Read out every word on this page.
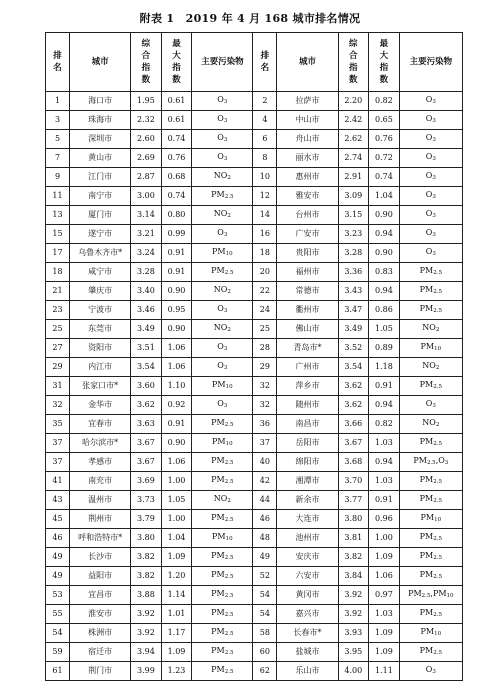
附表 1　2019 年 4 月 168 城市排名情况
排名	城市	综合指数	最大指数	主要污染物	排名	城市	综合指数	最大指数	主要污染物
1	海口市	1.95	0.61	$O_3$	2	拉萨市	2.20	0.82	$O_3$
3	珠海市	2.32	0.61	$O_3$	4	中山市	2.42	0.65	$O_3$
5	深圳市	2.60	0.74	$O_3$	6	舟山市	2.62	0.76	$O_3$
7	黄山市	2.69	0.76	$O_3$	8	丽水市	2.74	0.72	$O_3$
9	江门市	2.87	0.68	$NO_2$	10	惠州市	2.91	0.74	$O_3$
11	南宁市	3.00	0.74	$PM_{2.5}$	12	雅安市	3.09	1.04	$O_3$
13	厦门市	3.14	0.80	$NO_2$	14	台州市	3.15	0.90	$O_3$
15	遂宁市	3.21	0.99	$O_3$	16	广安市	3.23	0.94	$O_3$
17	乌鲁木齐市*	3.24	0.91	$PM_{10}$	18	贵阳市	3.28	0.90	$O_3$
18	咸宁市	3.28	0.91	$PM_{2.5}$	20	福州市	3.36	0.83	$PM_{2.5}$
21	肇庆市	3.40	0.90	$NO_2$	22	常德市	3.43	0.94	$PM_{2.5}$
23	宁波市	3.46	0.95	$O_3$	24	衢州市	3.47	0.86	$PM_{2.5}$
25	东莞市	3.49	0.90	$NO_2$	25	佛山市	3.49	1.05	$NO_2$
27	资阳市	3.51	1.06	$O_3$	28	青岛市*	3.52	0.89	$PM_{10}$
29	内江市	3.54	1.06	$O_3$	29	广州市	3.54	1.18	$NO_2$
31	张家口市*	3.60	1.10	$PM_{10}$	32	萍乡市	3.62	0.91	$PM_{2.5}$
32	金华市	3.62	0.92	$O_3$	32	随州市	3.62	0.94	$O_3$
35	宜春市	3.63	0.91	$PM_{2.5}$	36	南昌市	3.66	0.82	$NO_2$
37	哈尔滨市*	3.67	0.90	$PM_{10}$	37	岳阳市	3.67	1.03	$PM_{2.5}$
37	孝感市	3.67	1.06	$PM_{2.5}$	40	绵阳市	3.68	0.94	$PM_{2.5},O_3$
41	南充市	3.69	1.00	$PM_{2.5}$	42	湘潭市	3.70	1.03	$PM_{2.5}$
43	温州市	3.73	1.05	$NO_2$	44	新余市	3.77	0.91	$PM_{2.5}$
45	荆州市	3.79	1.00	$PM_{2.5}$	46	大连市	3.80	0.96	$PM_{10}$
46	呼和浩特市*	3.80	1.04	$PM_{10}$	48	池州市	3.81	1.00	$PM_{2.5}$
49	长沙市	3.82	1.09	$PM_{2.5}$	49	安庆市	3.82	1.09	$PM_{2.5}$
49	益阳市	3.82	1.20	$PM_{2.5}$	52	六安市	3.84	1.06	$PM_{2.5}$
53	宜昌市	3.88	1.14	$PM_{2.5}$	54	黄冈市	3.92	0.97	$PM_{2.5},PM_{10}$
55	淮安市	3.92	1.01	$PM_{2.5}$	54	嘉兴市	3.92	1.03	$PM_{2.5}$
54	株洲市	3.92	1.17	$PM_{2.5}$	58	长春市*	3.93	1.09	$PM_{10}$
59	宿迁市	3.94	1.09	$PM_{2.5}$	60	盐城市	3.95	1.09	$PM_{2.5}$
61	荆门市	3.99	1.23	$PM_{2.5}$	62	乐山市	4.00	1.11	$O_3$
